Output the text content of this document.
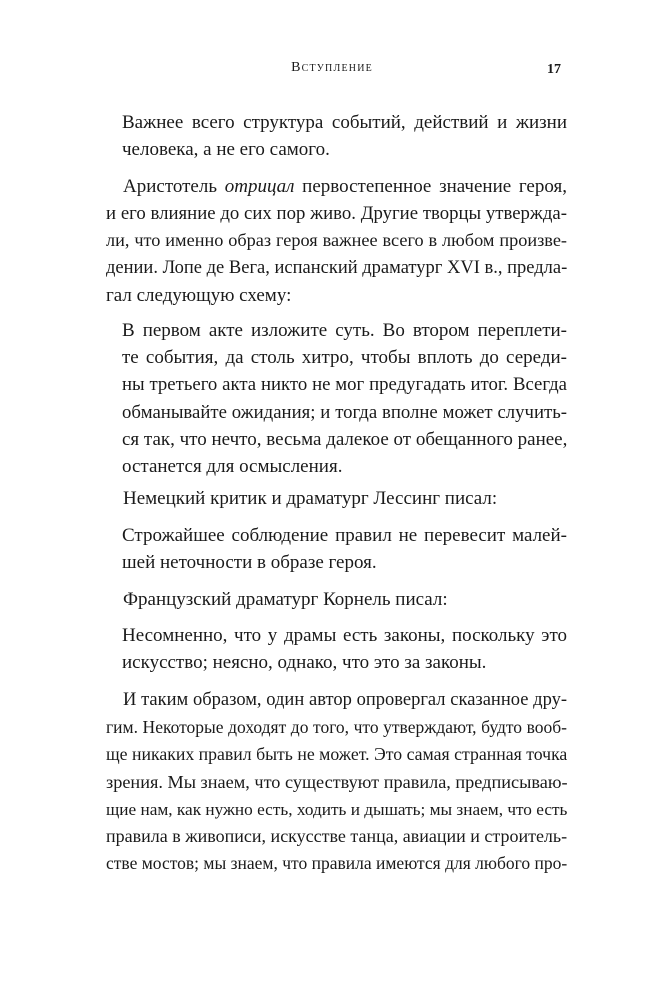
Вступление	17
Важнее всего структура событий, действий и жизни
человека, а не его самого.
Аристотель отрицал первостепенное значение героя,
и его влияние до сих пор живо. Другие творцы утвержда-
ли, что именно образ героя важнее всего в любом произве-
дении. Лопе де Вега, испанский драматург XVI в., предла-
гал следующую схему:
В первом акте изложите суть. Во втором переплети-
те события, да столь хитро, чтобы вплоть до середи-
ны третьего акта никто не мог предугадать итог. Всегда
обманывайте ожидания; и тогда вполне может случить-
ся так, что нечто, весьма далекое от обещанного ранее,
останется для осмысления.
Немецкий критик и драматург Лессинг писал:
Строжайшее соблюдение правил не перевесит малей-
шей неточности в образе героя.
Французский драматург Корнель писал:
Несомненно, что у драмы есть законы, поскольку это
искусство; неясно, однако, что это за законы.
И таким образом, один автор опровергал сказанное дру-
гим. Некоторые доходят до того, что утверждают, будто вооб-
ще никаких правил быть не может. Это самая странная точка
зрения. Мы знаем, что существуют правила, предписываю-
щие нам, как нужно есть, ходить и дышать; мы знаем, что есть
правила в живописи, искусстве танца, авиации и строитель-
стве мостов; мы знаем, что правила имеются для любого про-
